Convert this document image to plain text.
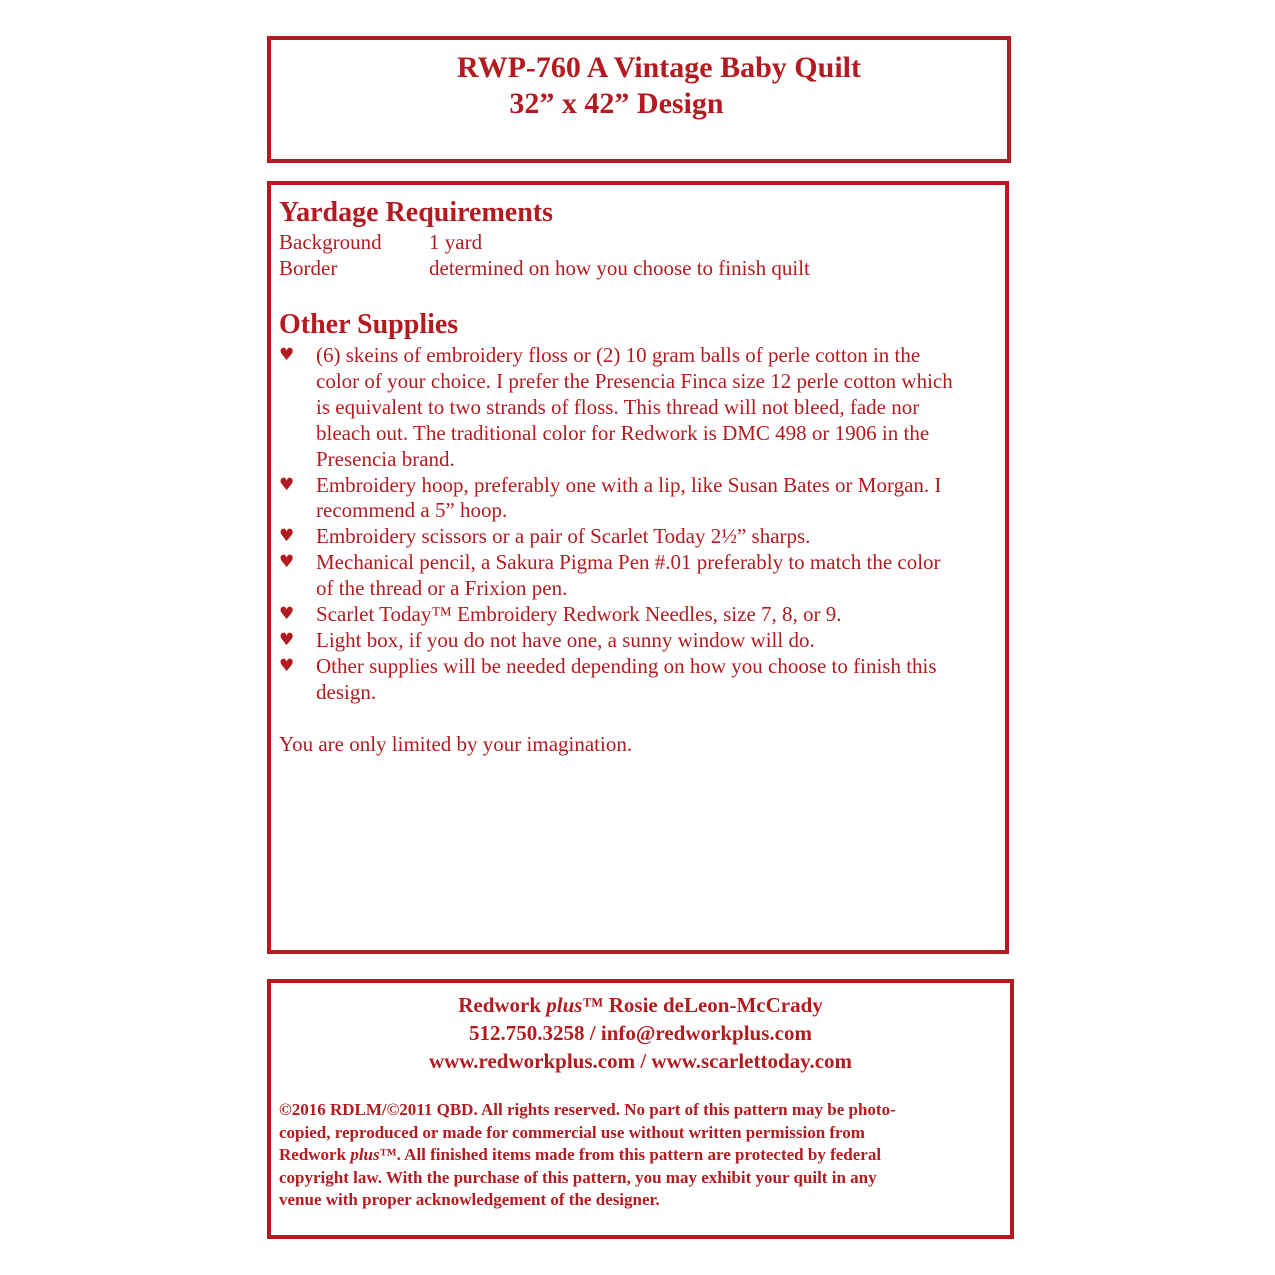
RWP-760 A Vintage Baby Quilt
32” x 42” Design
Yardage Requirements
Background 1 yard
Border	determined on how you choose to finish quilt
Other Supplies
♥ (6) skeins of embroidery floss or (2) 10 gram balls of perle cotton in the
color of your choice. I prefer the Presencia Finca size 12 perle cotton which
is equivalent to two strands of floss. This thread will not bleed, fade nor
bleach out. The traditional color for Redwork is DMC 498 or 1906 in the
Presencia brand.
♥ Embroidery hoop, preferably one with a lip, like Susan Bates or Morgan. I
recommend a 5” hoop.
♥ Embroidery scissors or a pair of Scarlet Today 2½” sharps.
♥ Mechanical pencil, a Sakura Pigma Pen #.01 preferably to match the color
of the thread or a Frixion pen.
♥ Scarlet Today™ Embroidery Redwork Needles, size 7, 8, or 9.
♥ Light box, if you do not have one, a sunny window will do.
♥ Other supplies will be needed depending on how you choose to finish this
design.
You are only limited by your imagination.
Redwork plus™ Rosie deLeon-McCrady
512.750.3258 / info@redworkplus.com
www.redworkplus.com / www.scarlettoday.com

©2016 RDLM/©2011 QBD. All rights reserved. No part of this pattern may be photo-

copied, reproduced or made for commercial use without written permission from

Redwork plus™. All finished items made from this pattern are protected by federal

copyright law. With the purchase of this pattern, you may exhibit your quilt in any

venue with proper acknowledgement of the designer.
